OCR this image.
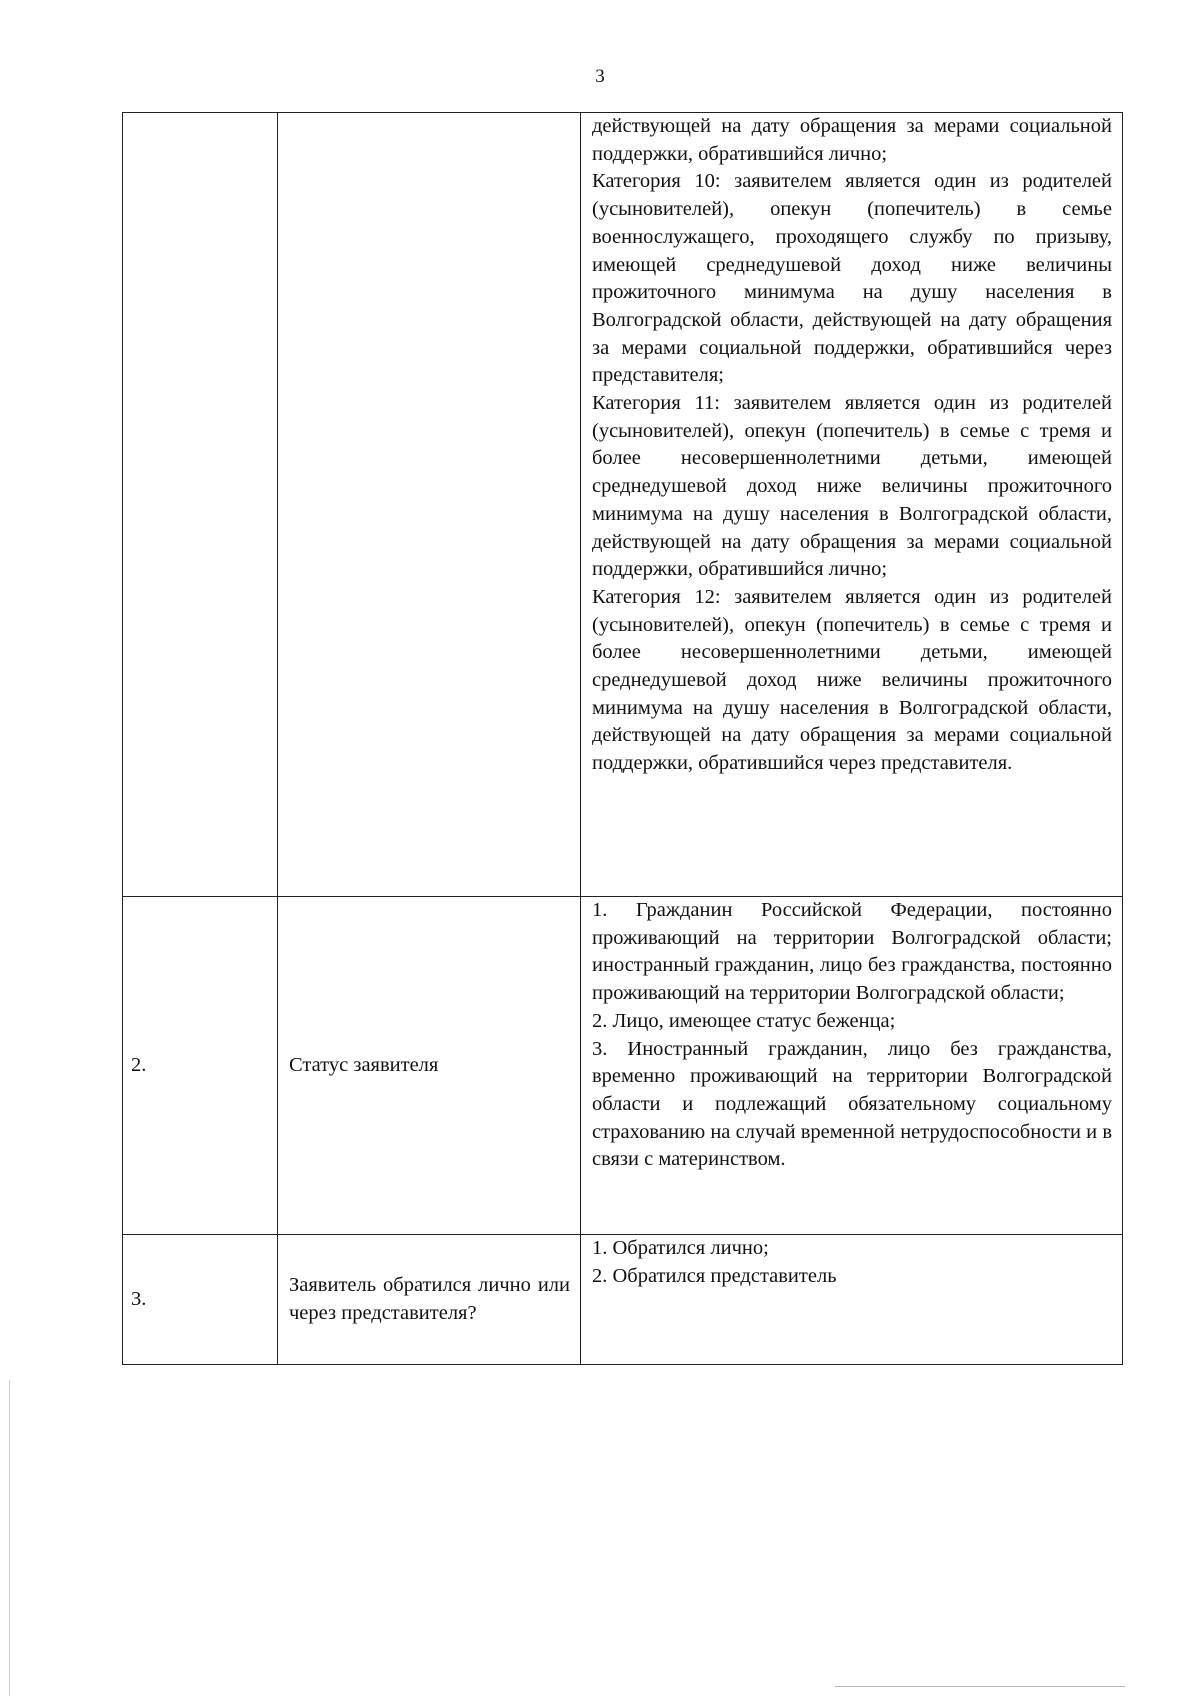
3

		действующей на дату обращения за мерами социальной поддержки, обратившийся лично;
Категория 10: заявителем является один из родителей (усыновителей), опекун (попечитель) в семье военнослужащего, проходящего службу по призыву, имеющей среднедушевой доход ниже величины прожиточного минимума на душу населения в Волгоградской области, действующей на дату обращения за мерами социальной поддержки, обратившийся через представителя;
Категория 11: заявителем является один из родителей (усыновителей), опекун (попечитель) в семье с тремя и более несовершеннолетними детьми, имеющей среднедушевой доход ниже величины прожиточного минимума на душу населения в Волгоградской области, действующей на дату обращения за мерами социальной поддержки, обратившийся лично;
Категория 12: заявителем является один из родителей (усыновителей), опекун (попечитель) в семье с тремя и более несовершеннолетними детьми, имеющей среднедушевой доход ниже величины прожиточного минимума на душу населения в Волгоградской области, действующей на дату обращения за мерами социальной поддержки, обратившийся через представителя.

2.	Статус заявителя	1. Гражданин Российской Федерации, постоянно проживающий на территории Волгоградской области; иностранный гражданин, лицо без гражданства, постоянно проживающий на территории Волгоградской области;
2. Лицо, имеющее статус беженца;
3. Иностранный гражданин, лицо без гражданства, временно проживающий на территории Волгоградской области и подлежащий обязательному социальному страхованию на случай временной нетрудоспособности и в связи с материнством.

3.	Заявитель обратился лично или через представителя?	1. Обратился лично;
2. Обратился представитель
